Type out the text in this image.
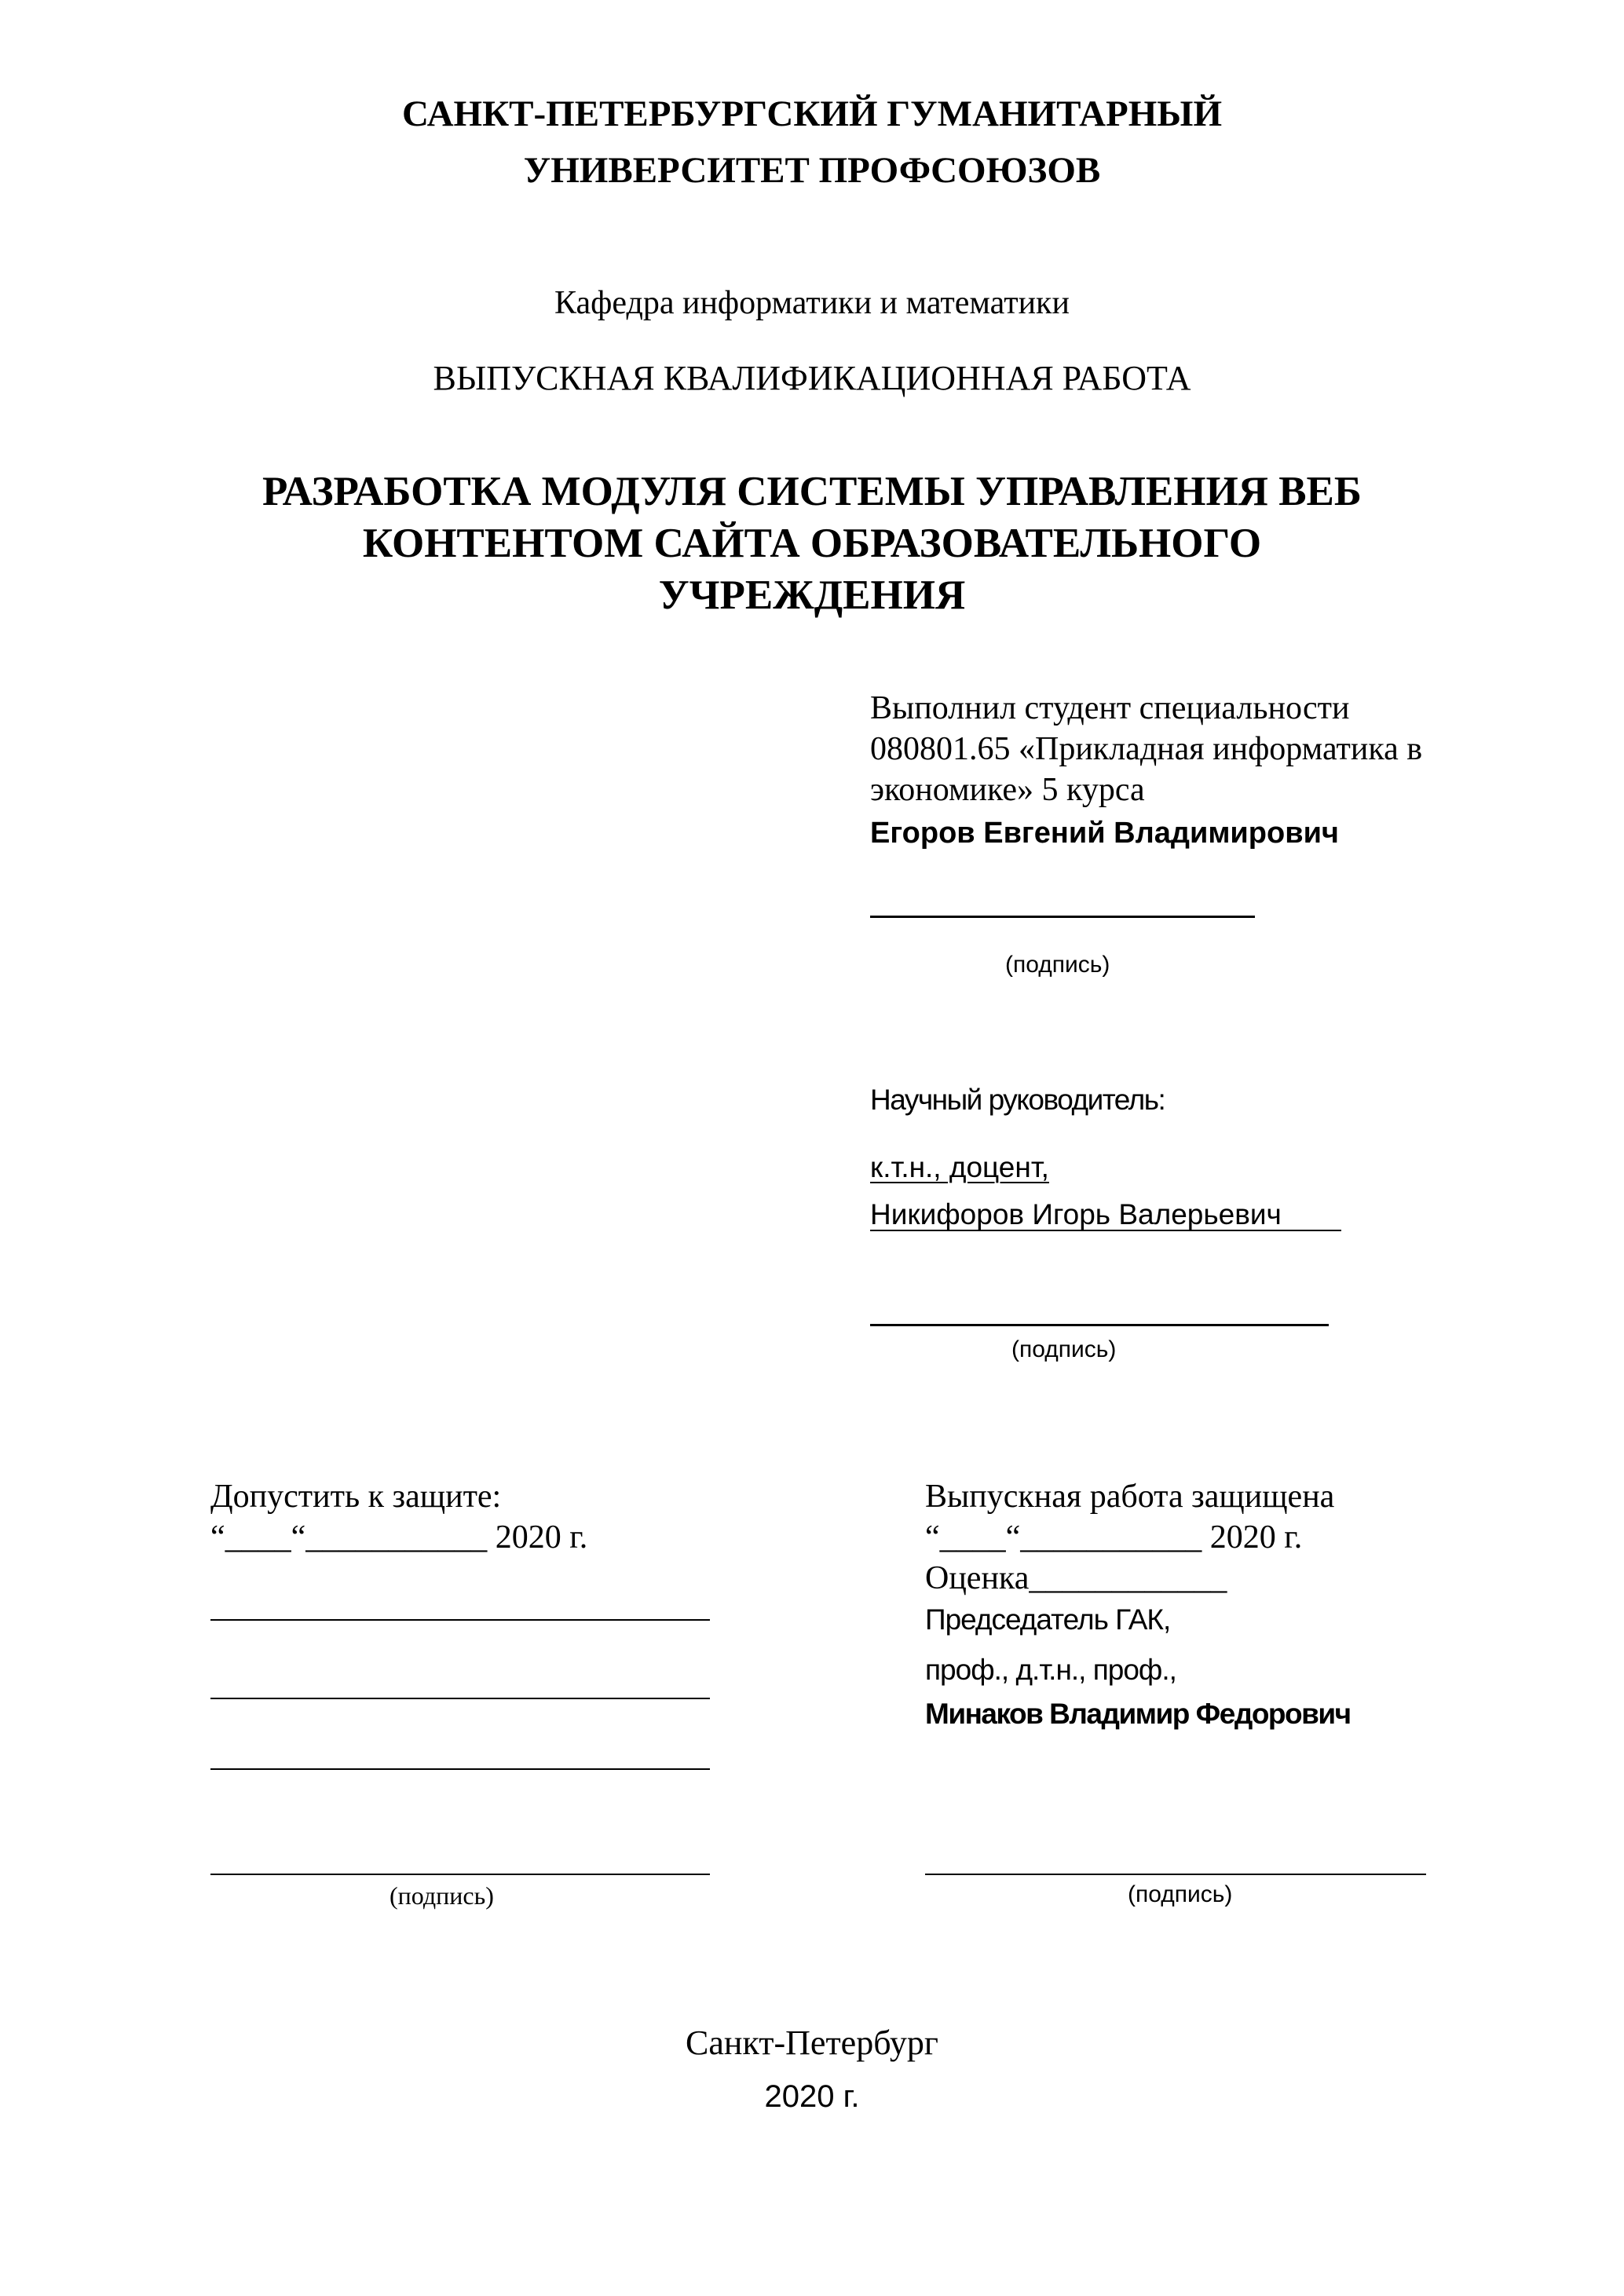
САНКТ-ПЕТЕРБУРГСКИЙ ГУМАНИТАРНЫЙ
УНИВЕРСИТЕТ ПРОФСОЮЗОВ
Кафедра информатики и математики
ВЫПУСКНАЯ КВАЛИФИКАЦИОННАЯ РАБОТА
РАЗРАБОТКА МОДУЛЯ СИСТЕМЫ УПРАВЛЕНИЯ ВЕБ
КОНТЕНТОМ САЙТА ОБРАЗОВАТЕЛЬНОГО
УЧРЕЖДЕНИЯ
Выполнил студент специальности
080801.65 «Прикладная информатика в
экономике» 5 курса
Егоров Евгений Владимирович
(подпись)
Научный руководитель:
к.т.н., доцент,
Никифоров Игорь Валерьевич
(подпись)
Допустить к защите:
“____“___________ 2020 г.
(подпись)
Выпускная работа защищена
“____“___________ 2020 г.
Оценка____________
Председатель ГАК,
проф., д.т.н., проф.,
Минаков Владимир Федорович
(подпись)
Санкт-Петербург
2020 г.
